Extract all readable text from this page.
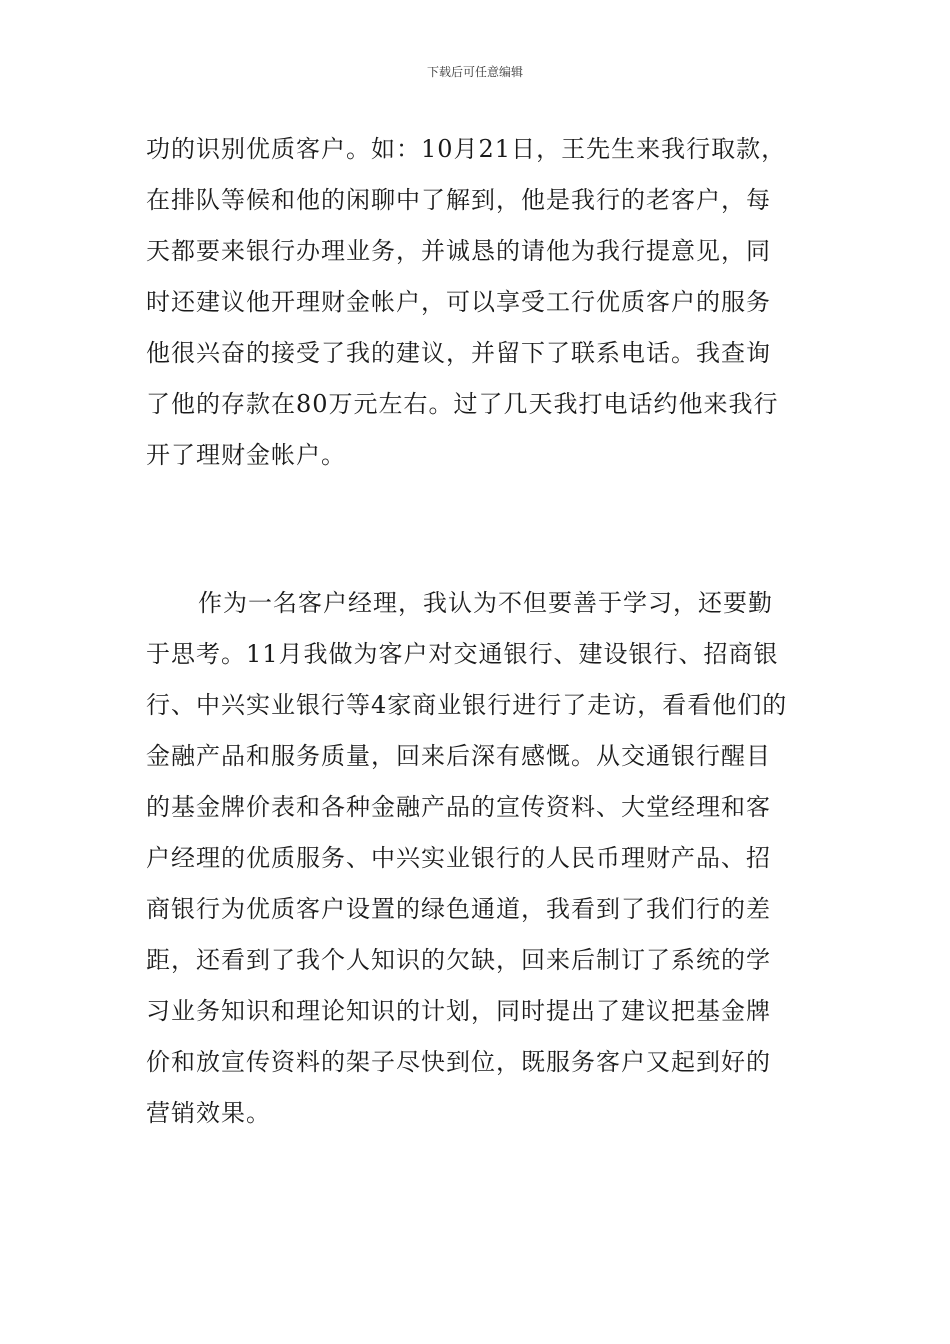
下载后可任意编辑
功的识别优质客户。如：10月21日，王先生来我行取款，
在排队等候和他的闲聊中了解到，他是我行的老客户，每
天都要来银行办理业务，并诚恳的请他为我行提意见，同
时还建议他开理财金帐户，可以享受工行优质客户的服务
他很兴奋的接受了我的建议，并留下了联系电话。我查询
了他的存款在80万元左右。过了几天我打电话约他来我行
开了理财金帐户。
作为一名客户经理，我认为不但要善于学习，还要勤
于思考。11月我做为客户对交通银行、建设银行、招商银
行、中兴实业银行等4家商业银行进行了走访，看看他们的
金融产品和服务质量，回来后深有感慨。从交通银行醒目
的基金牌价表和各种金融产品的宣传资料、大堂经理和客
户经理的优质服务、中兴实业银行的人民币理财产品、招
商银行为优质客户设置的绿色通道，我看到了我们行的差
距，还看到了我个人知识的欠缺，回来后制订了系统的学
习业务知识和理论知识的计划，同时提出了建议把基金牌
价和放宣传资料的架子尽快到位，既服务客户又起到好的
营销效果。
